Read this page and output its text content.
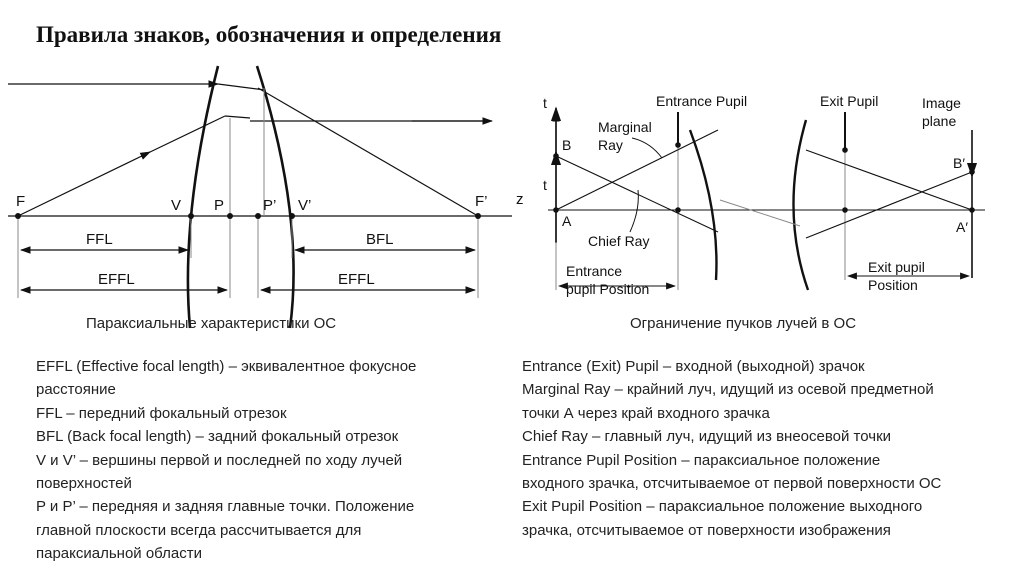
Правила знаков, обозначения и определения
F	V P	P’ V’	F’ z
FFL	BFL
EFFL	EFFL
t
t
B
A
B′
A′
Entrance Pupil	Exit Pupil	Image
plane
Marginal
Ray
Chief Ray
Entrance
pupil Position
Exit pupil
Position
Параксиальные характеристики ОС	Ограничение пучков лучей в ОС
EFFL (Effective focal length) – эквивалентное фокусное
расстояние
FFL – передний фокальный отрезок
BFL (Back focal length) – задний фокальный отрезок
V и V’ – вершины первой и последней по ходу лучей
поверхностей
P и P’ – передняя и задняя главные точки. Положение
главной плоскости всегда рассчитывается для
параксиальной области
Entrance (Exit) Pupil – входной (выходной) зрачок
Marginal Ray – крайний луч, идущий из осевой предметной
точки А через край входного зрачка
Chief Ray – главный луч, идущий из внеосевой точки
Entrance Pupil Position – параксиальное положение
входного зрачка, отсчитываемое от первой поверхности ОС
Exit Pupil Position – параксиальное положение выходного
зрачка, отсчитываемое от поверхности изображения
